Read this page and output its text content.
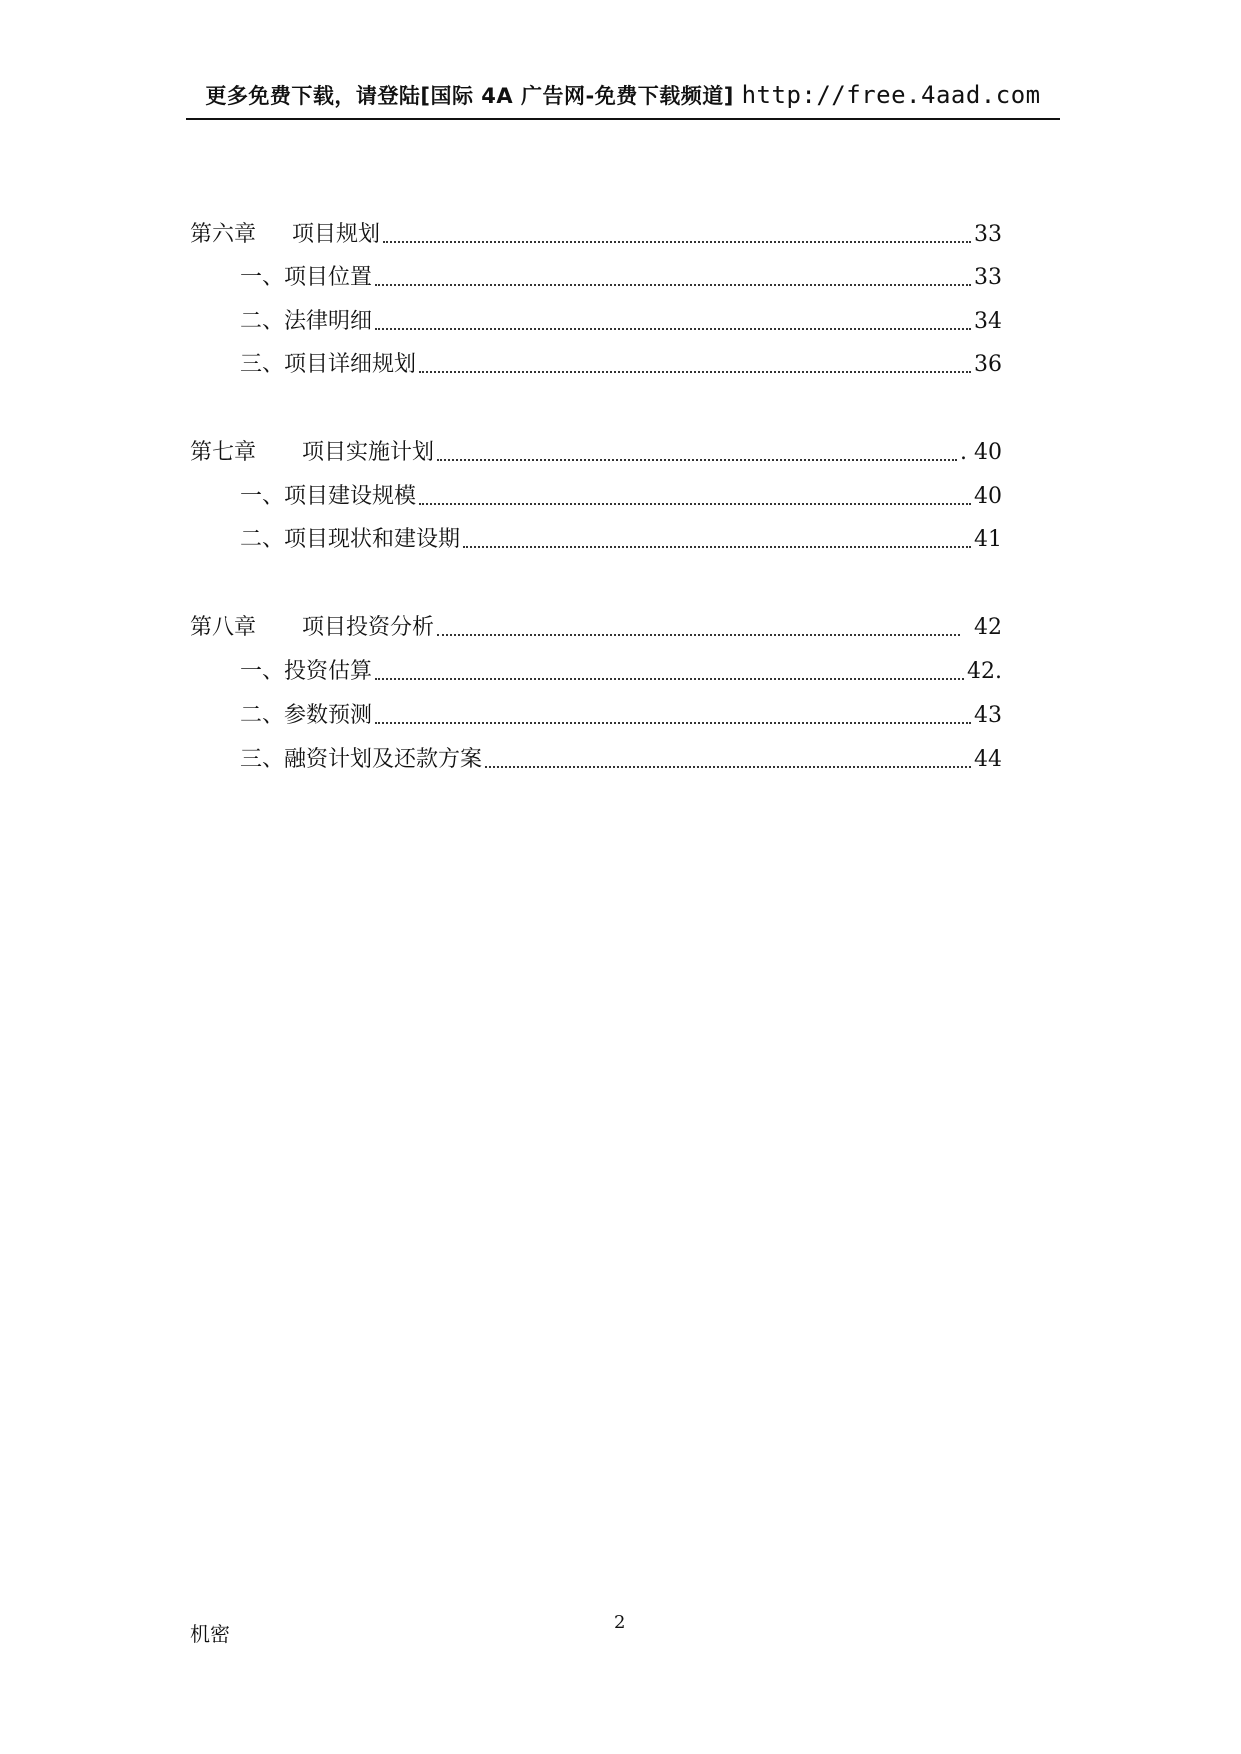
更多免费下载，请登陆[国际 4A 广告网-免费下载频道] http://free.4aad.com
第六章	项目规划	33
一、项目位置	33
二、法律明细	34
三、项目详细规划	36
第七章	项目实施计划	. 40
一、项目建设规模	40
二、项目现状和建设期	41
第八章	项目投资分析	42
一、投资估算	42.
二、参数预测	43
三、融资计划及还款方案	44
机密	2
